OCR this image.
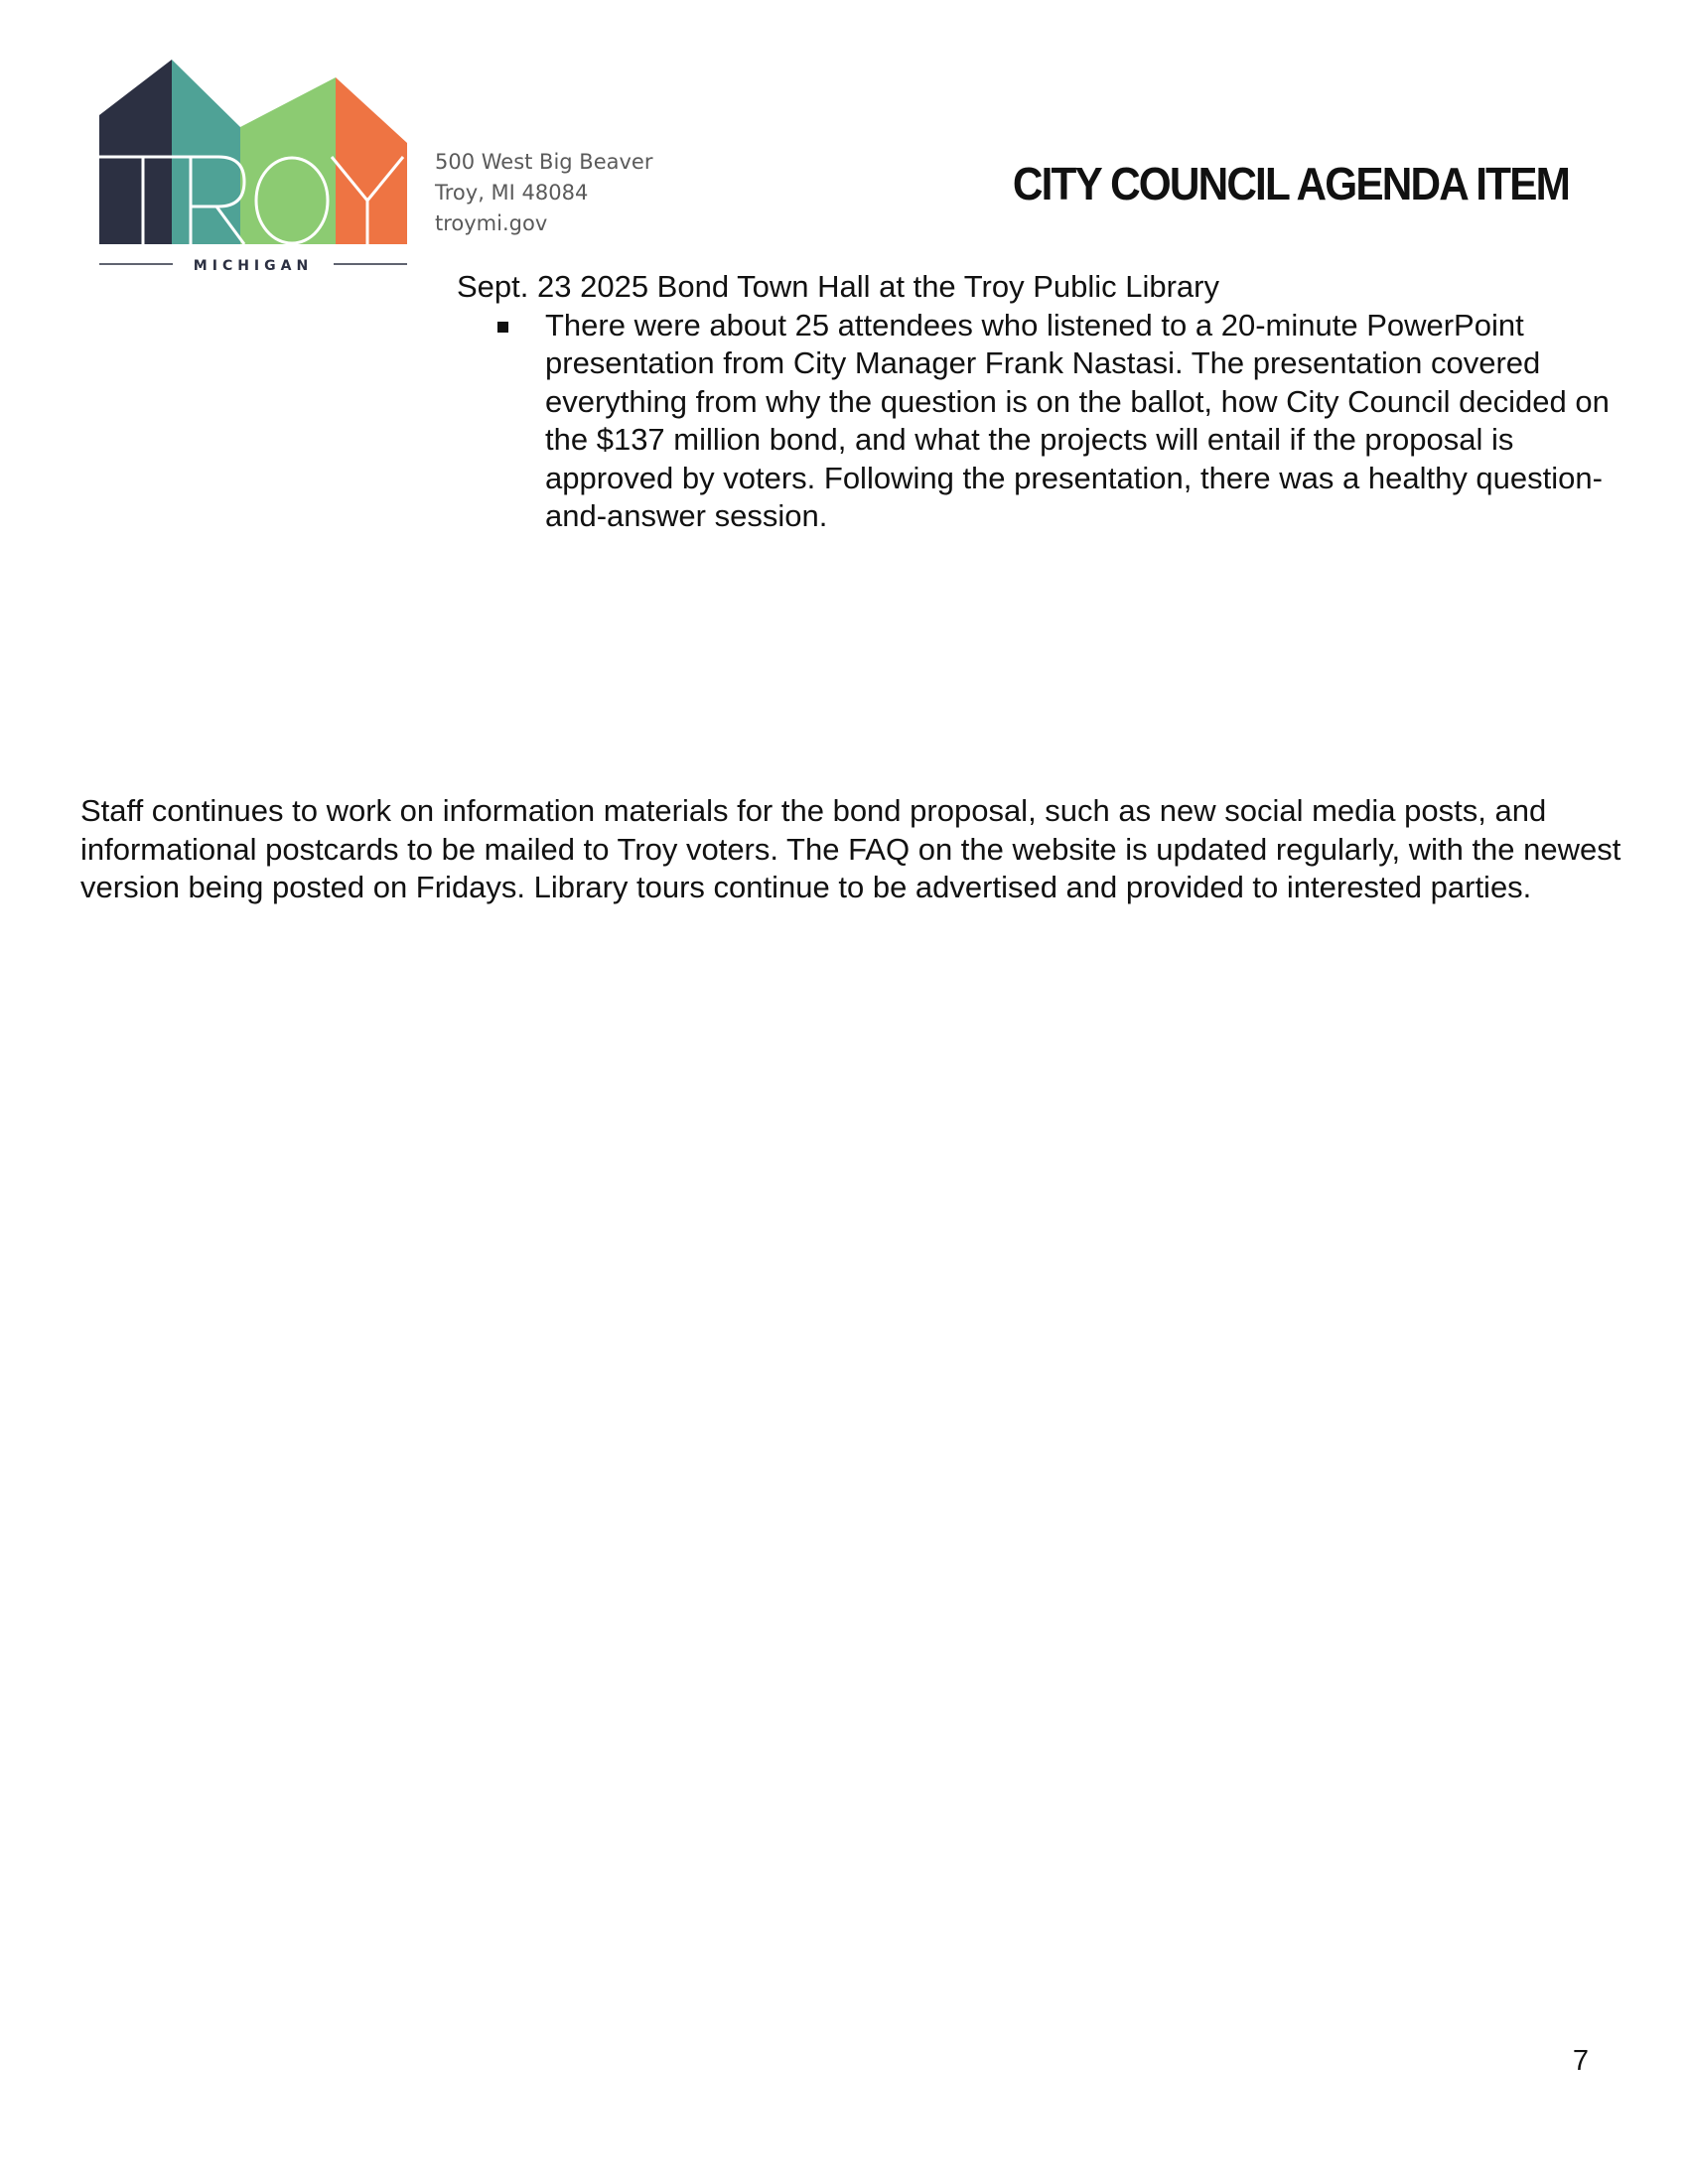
MICHIGAN
500 West Big Beaver
Troy, MI 48084
troymi.gov
CITY COUNCIL AGENDA ITEM
Sept. 23 2025 Bond Town Hall at the Troy Public Library
There were about 25 attendees who listened to a 20-minute PowerPoint presentation from City Manager Frank Nastasi. The presentation covered everything from why the question is on the ballot, how City Council decided on the $137 million bond, and what the projects will entail if the proposal is approved by voters. Following the presentation, there was a healthy question-and-answer session.

Staff continues to work on information materials for the bond proposal, such as new social media posts, and informational postcards to be mailed to Troy voters. The FAQ on the website is updated regularly, with the newest version being posted on Fridays. Library tours continue to be advertised and provided to interested parties.

7
